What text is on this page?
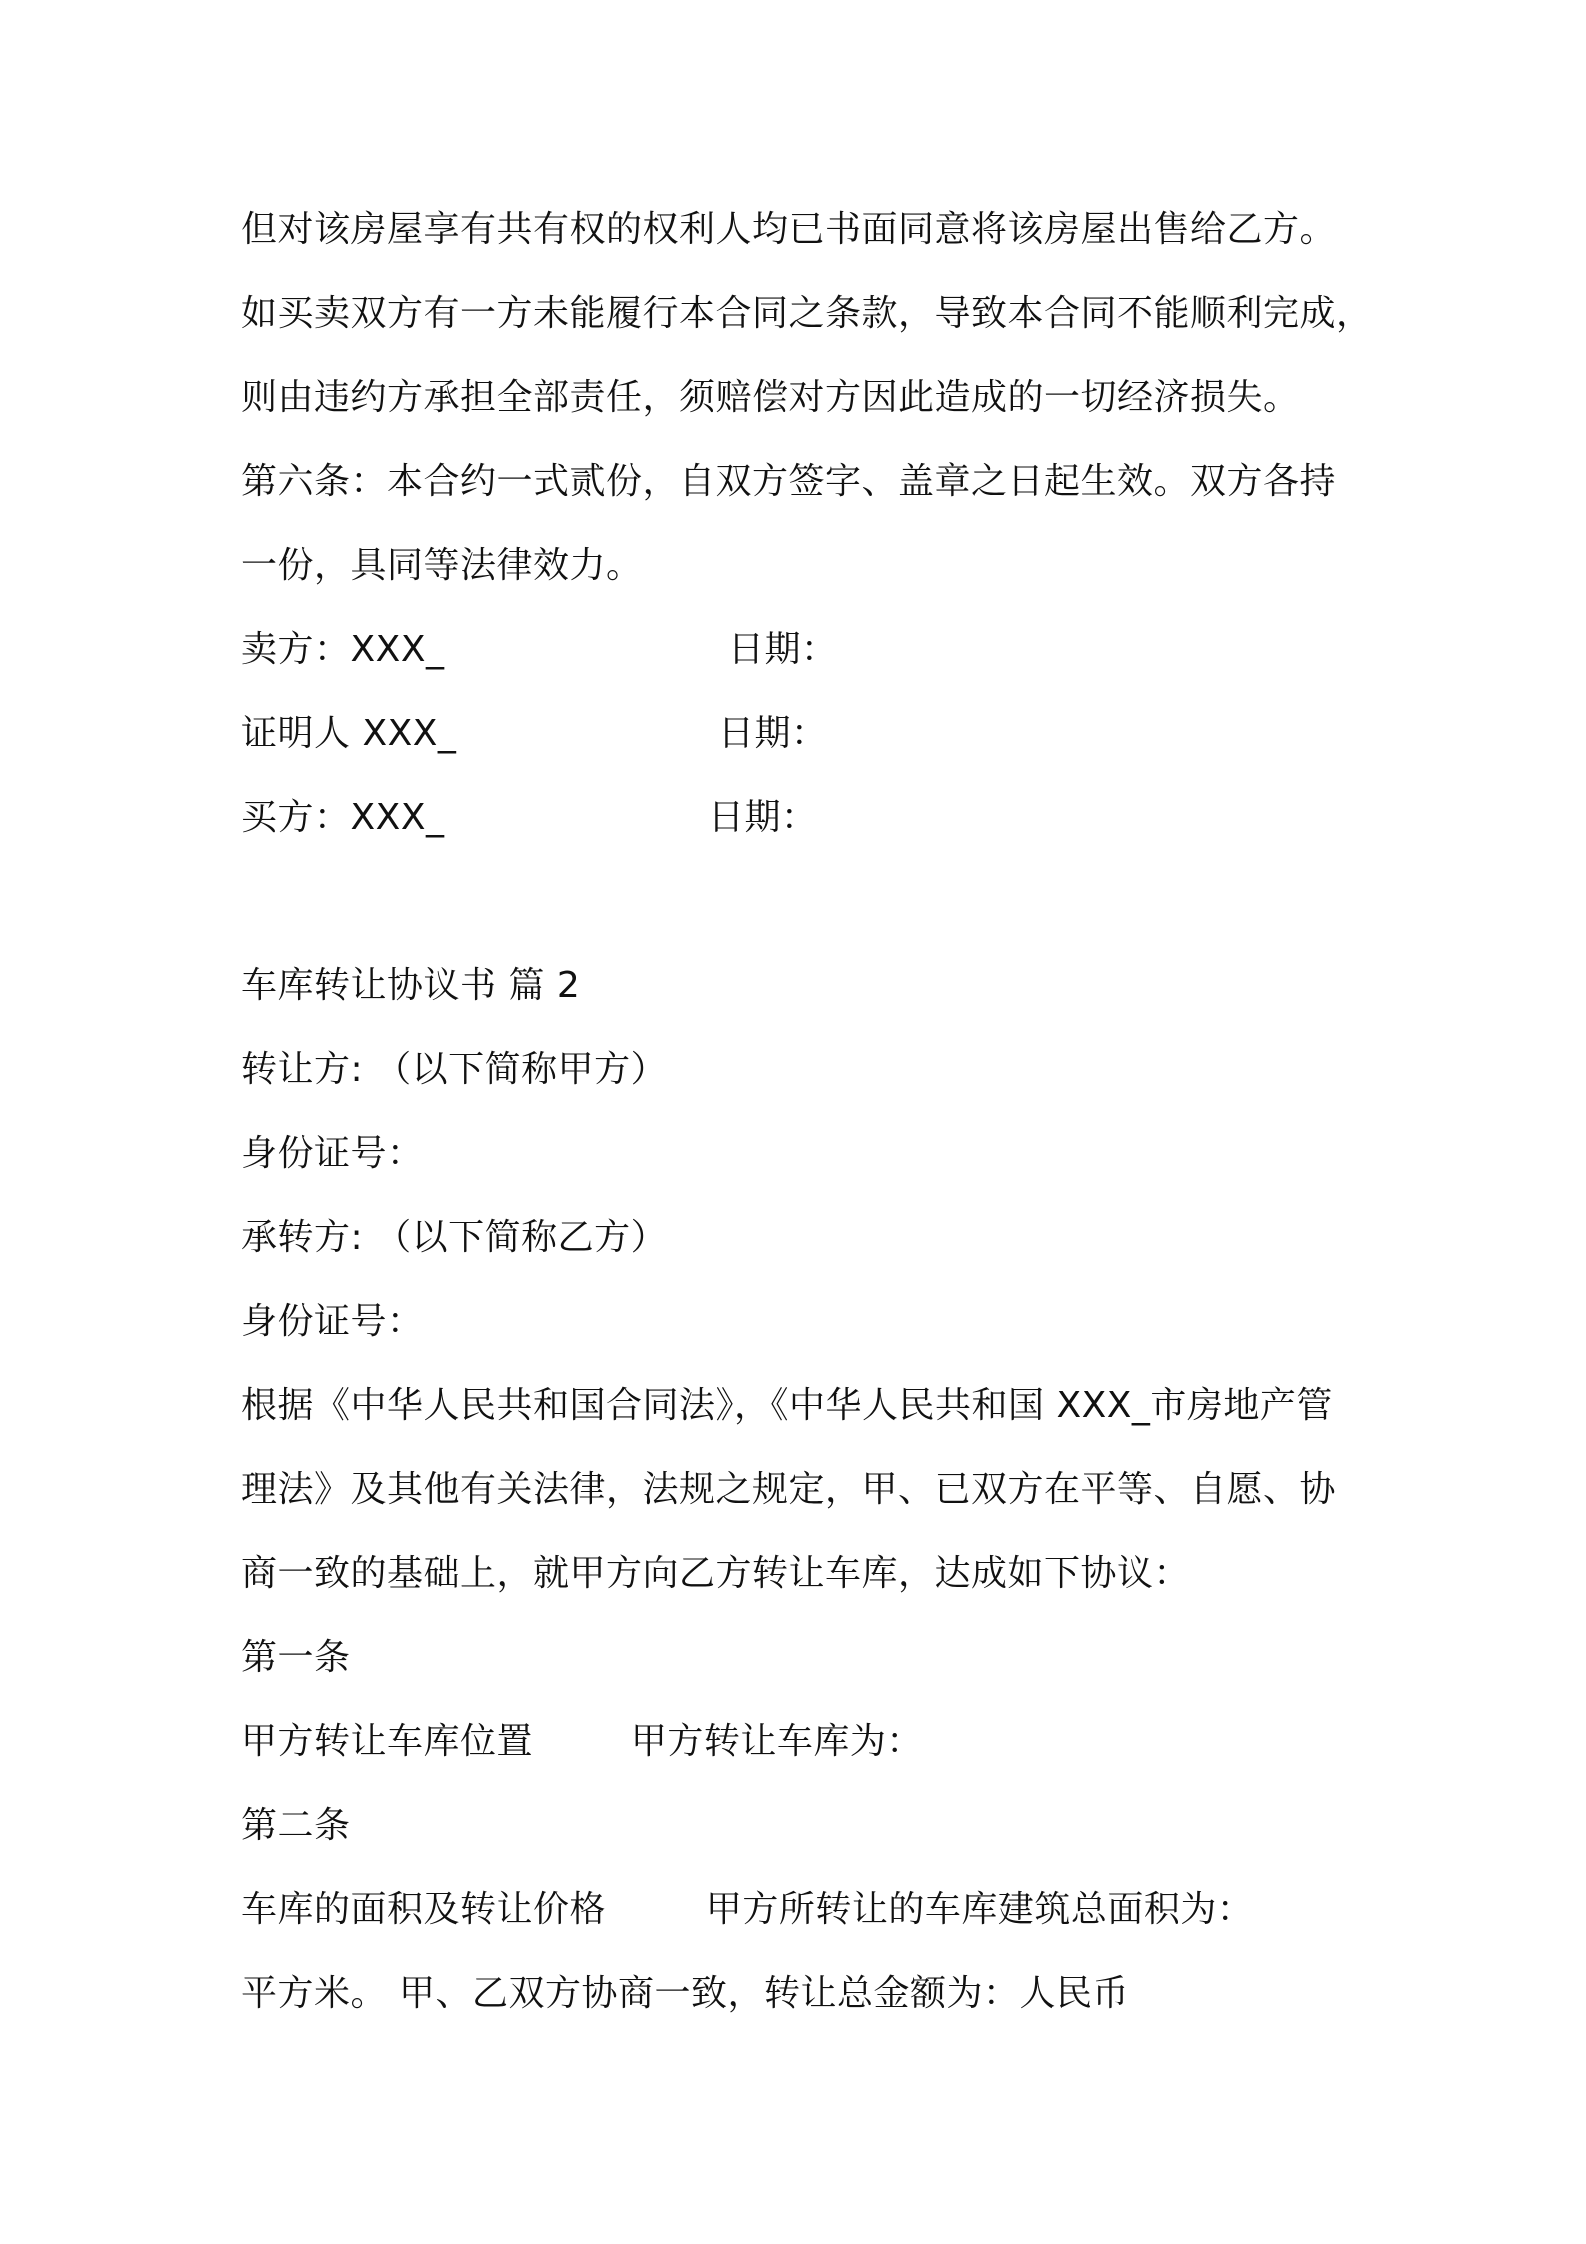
但对该房屋享有共有权的权利人均已书面同意将该房屋出售给乙方。
如买卖双方有一方未能履行本合同之条款，导致本合同不能顺利完成，
则由违约方承担全部责任，须赔偿对方因此造成的一切经济损失。
第六条：本合约一式贰份，自双方签字、盖章之日起生效。双方各持
一份，具同等法律效力。
卖方：XXX_	日期：
证明人 XXX_	日期：
买方：XXX_	日期：
车库转让协议书 篇 2
转让方: （以下简称甲方）
身份证号：
承转方: （以下简称乙方）
身份证号：
根据《中华人民共和国合同法》，《中华人民共和国 XXX_市房地产管
理法》及其他有关法律，法规之规定，甲、已双方在平等、自愿、协
商一致的基础上，就甲方向乙方转让车库，达成如下协议：
第一条
甲方转让车库位置	甲方转让车库为：
第二条
车库的面积及转让价格	甲方所转让的车库建筑总面积为：
平方米。 甲、乙双方协商一致，转让总金额为：人民币
